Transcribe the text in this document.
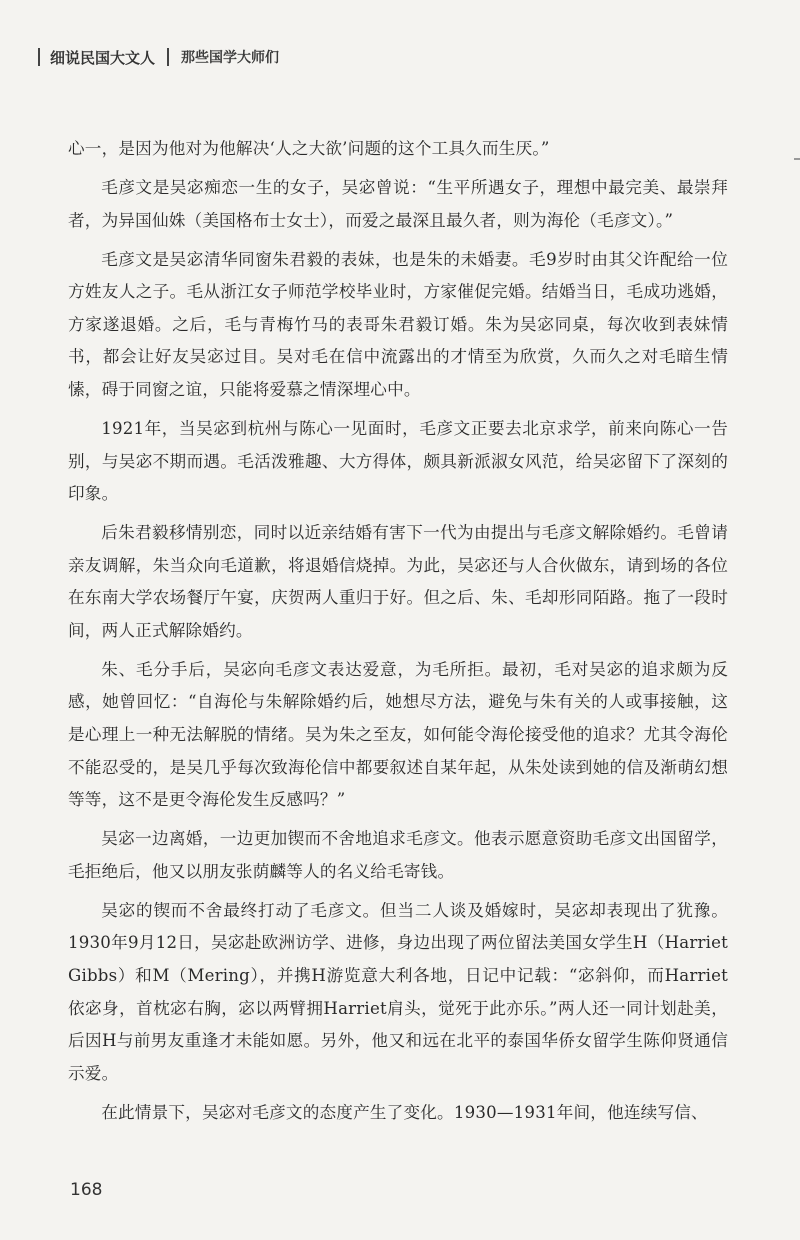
细说民国大文人 那些国学大师们

心一，是因为他对为他解决‘人之大欲’问题的这个工具久而生厌。”

毛彦文是吴宓痴恋一生的女子，吴宓曾说：“生平所遇女子，理想中最完美、最崇拜者，为异国仙姝（美国格布士女士），而爱之最深且最久者，则为海伦（毛彦文）。”

毛彦文是吴宓清华同窗朱君毅的表妹，也是朱的未婚妻。毛9岁时由其父许配给一位方姓友人之子。毛从浙江女子师范学校毕业时，方家催促完婚。结婚当日，毛成功逃婚，方家遂退婚。之后，毛与青梅竹马的表哥朱君毅订婚。朱为吴宓同桌，每次收到表妹情书，都会让好友吴宓过目。吴对毛在信中流露出的才情至为欣赏，久而久之对毛暗生情愫，碍于同窗之谊，只能将爱慕之情深埋心中。

1921年，当吴宓到杭州与陈心一见面时，毛彦文正要去北京求学，前来向陈心一告别，与吴宓不期而遇。毛活泼雅趣、大方得体，颇具新派淑女风范，给吴宓留下了深刻的印象。

后朱君毅移情别恋，同时以近亲结婚有害下一代为由提出与毛彦文解除婚约。毛曾请亲友调解，朱当众向毛道歉，将退婚信烧掉。为此，吴宓还与人合伙做东，请到场的各位在东南大学农场餐厅午宴，庆贺两人重归于好。但之后、朱、毛却形同陌路。拖了一段时间，两人正式解除婚约。

朱、毛分手后，吴宓向毛彦文表达爱意，为毛所拒。最初，毛对吴宓的追求颇为反感，她曾回忆：“自海伦与朱解除婚约后，她想尽方法，避免与朱有关的人或事接触，这是心理上一种无法解脱的情绪。吴为朱之至友，如何能令海伦接受他的追求？尤其令海伦不能忍受的，是吴几乎每次致海伦信中都要叙述自某年起，从朱处读到她的信及渐萌幻想等等，这不是更令海伦发生反感吗？”

吴宓一边离婚，一边更加锲而不舍地追求毛彦文。他表示愿意资助毛彦文出国留学，毛拒绝后，他又以朋友张荫麟等人的名义给毛寄钱。

吴宓的锲而不舍最终打动了毛彦文。但当二人谈及婚嫁时，吴宓却表现出了犹豫。1930年9月12日，吴宓赴欧洲访学、进修，身边出现了两位留法美国女学生H（Harriet Gibbs）和M（Mering），并携H游览意大利各地，日记中记载：“宓斜仰，而Harriet依宓身，首枕宓右胸，宓以两臂拥Harriet肩头，觉死于此亦乐。”两人还一同计划赴美，后因H与前男友重逢才未能如愿。另外，他又和远在北平的泰国华侨女留学生陈仰贤通信示爱。

在此情景下，吴宓对毛彦文的态度产生了变化。1930—1931年间，他连续写信、

168
